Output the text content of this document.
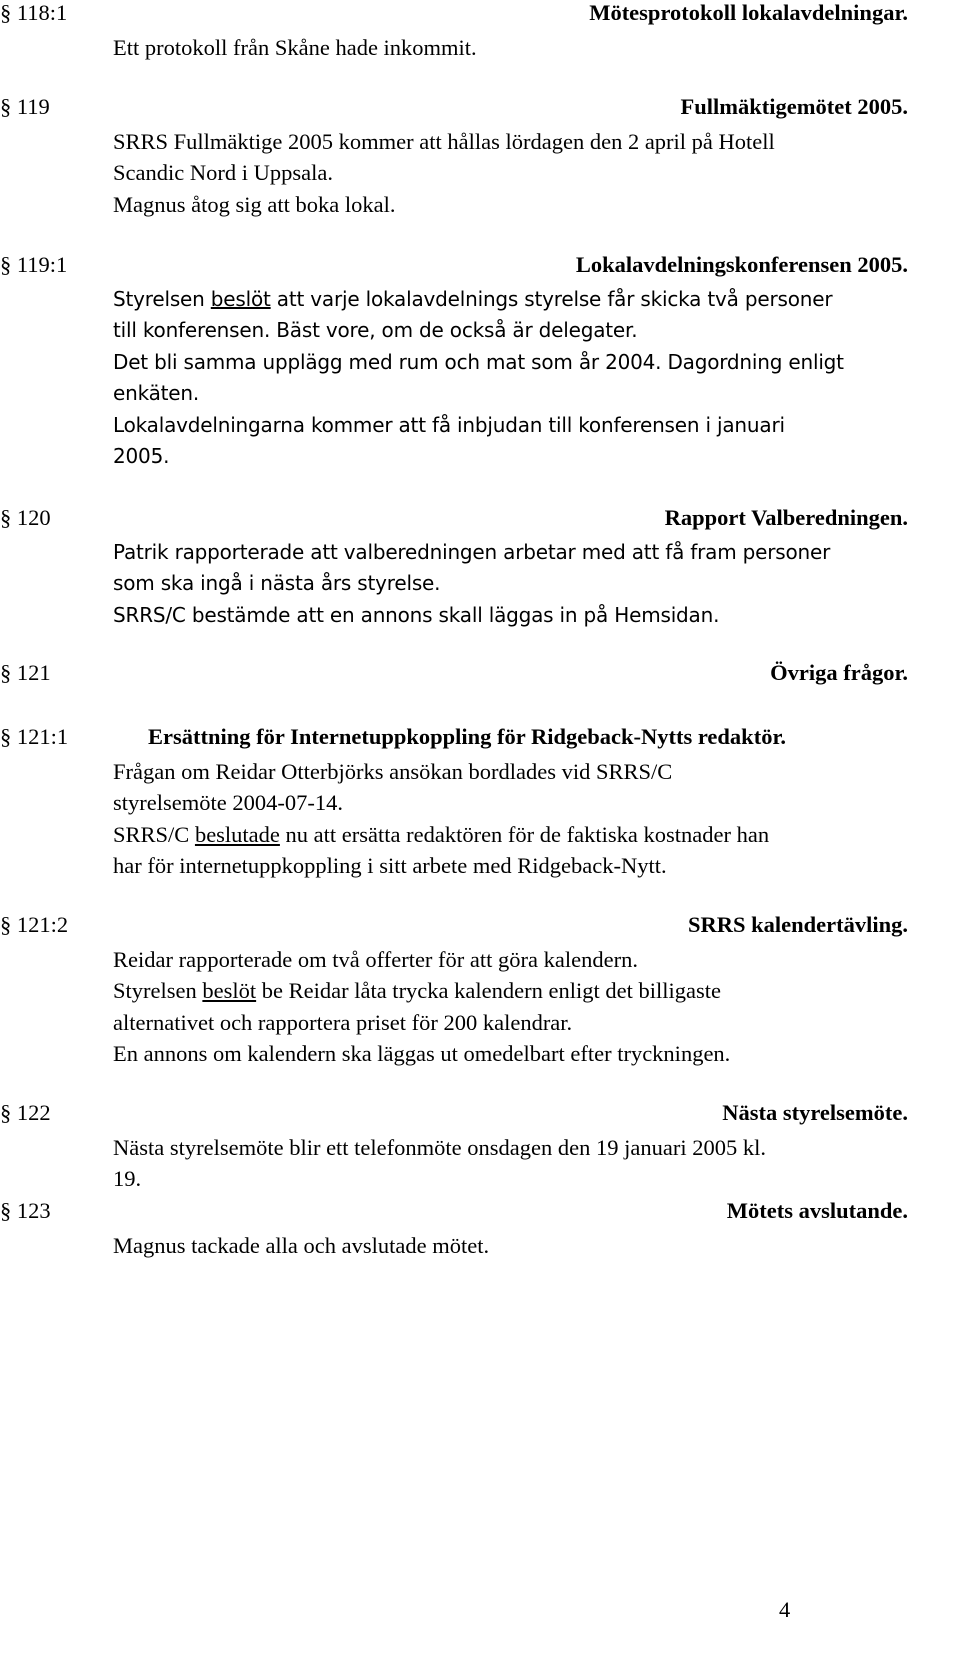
§ 118:1	Mötesprotokoll lokalavdelningar.
Ett protokoll från Skåne hade inkommit.
§ 119	Fullmäktigemötet 2005.
SRRS Fullmäktige 2005 kommer att hållas lördagen den 2 april på Hotell
Scandic Nord i Uppsala.
Magnus åtog sig att boka lokal.
§ 119:1	Lokalavdelningskonferensen 2005.
Styrelsen beslöt att varje lokalavdelnings styrelse får skicka två personer
till konferensen. Bäst vore, om de också är delegater.
Det bli samma upplägg med rum och mat som år 2004. Dagordning enligt
enkäten.
Lokalavdelningarna kommer att få inbjudan till konferensen i januari
2005.
§ 120	Rapport Valberedningen.
Patrik rapporterade att valberedningen arbetar med att få fram personer
som ska ingå i nästa års styrelse.
SRRS/C bestämde att en annons skall läggas in på Hemsidan.
§ 121	Övriga frågor.
§ 121:1	Ersättning för Internetuppkoppling för Ridgeback-Nytts redaktör.
Frågan om Reidar Otterbjörks ansökan bordlades vid SRRS/C
styrelsemöte 2004-07-14.
SRRS/C beslutade nu att ersätta redaktören för de faktiska kostnader han
har för internetuppkoppling i sitt arbete med Ridgeback-Nytt.
§ 121:2	SRRS kalendertävling.
Reidar rapporterade om två offerter för att göra kalendern.
Styrelsen beslöt be Reidar låta trycka kalendern enligt det billigaste
alternativet och rapportera priset för 200 kalendrar.
En annons om kalendern ska läggas ut omedelbart efter tryckningen.
§ 122	Nästa styrelsemöte.
Nästa styrelsemöte blir ett telefonmöte onsdagen den 19 januari 2005 kl.
19.
§ 123	Mötets avslutande.
Magnus tackade alla och avslutade mötet.
4
